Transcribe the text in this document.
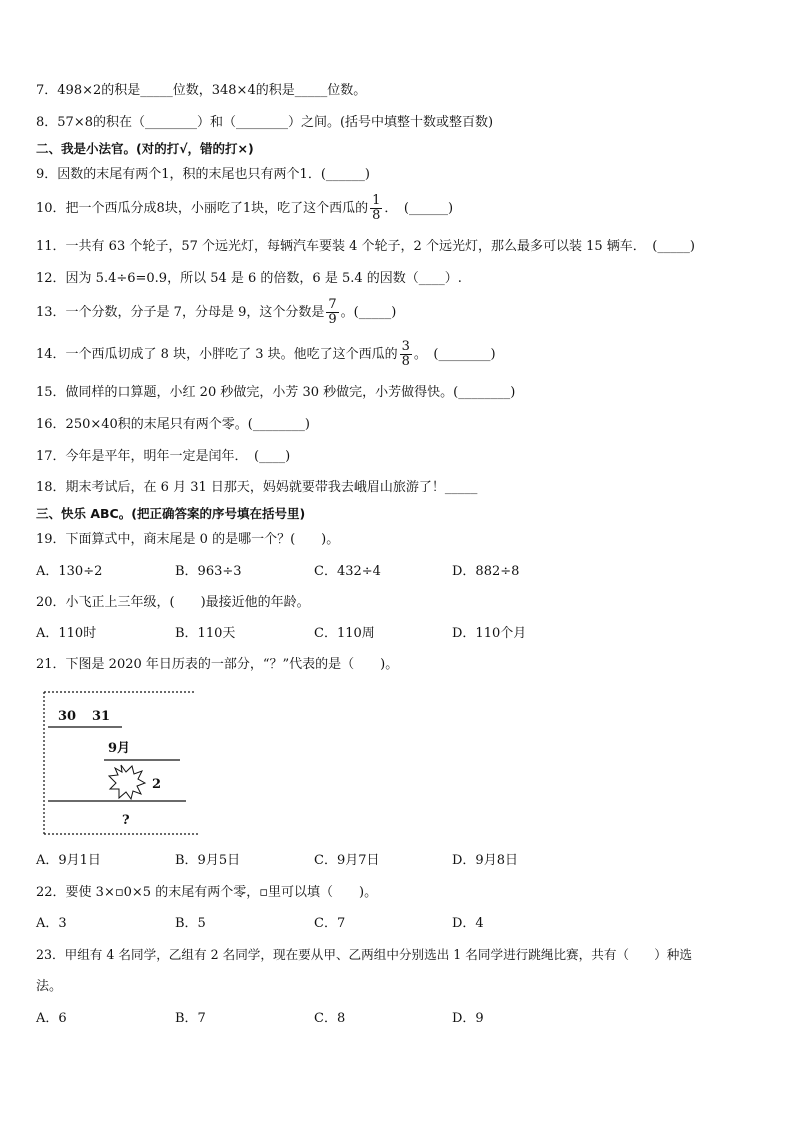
7．498×2的积是_____位数，348×4的积是_____位数。
8．57×8的积在（________）和（________）之间。(括号中填整十数或整百数)
二、我是小法官。(对的打√，错的打×)
9．因数的末尾有两个1，积的末尾也只有两个1．(______)
10．把一个西瓜分成8块，小丽吃了1块，吃了这个西瓜的 $\frac{1}{8}$ ．　(______)
11．一共有 63 个轮子，57 个远光灯，每辆汽车要装 4 个轮子，2 个远光灯，那么最多可以装 15 辆车．　(_____)
12．因为 5.4÷6=0.9，所以 54 是 6 的倍数，6 是 5.4 的因数（____）.
13．一个分数，分子是 7，分母是 9，这个分数是 $\frac{7}{9}$ 。(_____)
14．一个西瓜切成了 8 块，小胖吃了 3 块。他吃了这个西瓜的 $\frac{3}{8}$ 。　(________)
15．做同样的口算题，小红 20 秒做完，小芳 30 秒做完，小芳做得快。(________)
16．250×40积的末尾只有两个零。(________)
17．今年是平年，明年一定是闰年．　(____)
18．期末考试后，在 6 月 31 日那天，妈妈就要带我去峨眉山旅游了！_____
三、快乐 ABC。(把正确答案的序号填在括号里)
19．下面算式中，商末尾是 0 的是哪一个？(　　)。
A．130÷2	B．963÷3	C．432÷4	D．882÷8
20．小飞正上三年级，(　　)最接近他的年龄。
A．110时	B．110天	C．110周	D．110个月
21．下图是 2020 年日历表的一部分，“？”代表的是（　　)。
30 31
9月
2
?
A．9月1日	B．9月5日	C．9月7日	D．9月8日
22．要使 3×▫0×5 的末尾有两个零，▫里可以填（　　)。
A．3	B．5	C．7	D．4
23．甲组有 4 名同学，乙组有 2 名同学，现在要从甲、乙两组中分别选出 1 名同学进行跳绳比赛，共有（　　）种选
法。
A．6	B．7	C．8	D．9
